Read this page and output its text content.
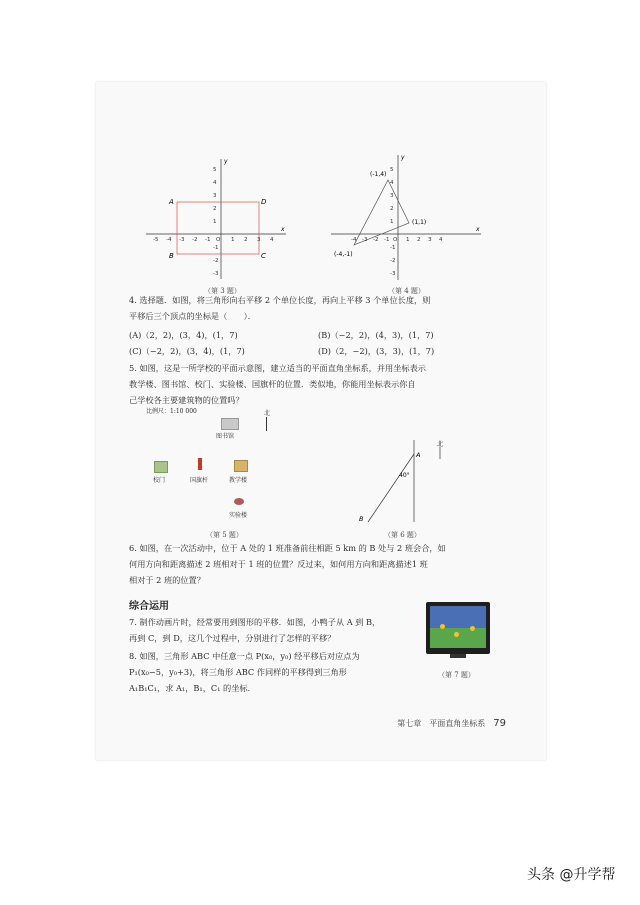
A	D
B	C
x
y
-5 -4 -3 -2 -1 O 1 2 3 4
5
4
3
2
1
-1
-2
-3
（第 3 题）
(-1,4)
(1,1)
(-4,-1)
x
y
-4 -3 -2 -1 O 1 2 3 4
5
4
3
2
1
-1
-2
-3
（第 4 题）
4. 选择题．如图，将三角形向右平移 2 个单位长度，再向上平移 3 个单位长度，则
平移后三个顶点的坐标是（　　）．
(A)（2，2)，(3，4)，(1，7)	(B)（−2，2)，(4，3)，(1，7)
(C)（−2，2)，(3，4)，(1，7)	(D)（2，−2)，(3，3)，(1，7)
5. 如图，这是一所学校的平面示意图，建立适当的平面直角坐标系，并用坐标表示
教学楼、图书馆、校门、实验楼、国旗杆的位置．类似地，你能用坐标表示你自
己学校各主要建筑物的位置吗？
比例尺：1:10 000	北
图书馆
校门	国旗杆	教学楼
实验楼
（第 5 题）
北
A
B
40°
（第 6 题）
6. 如图，在一次活动中，位于 A 处的 1 班准备前往相距 5 km 的 B 处与 2 班会合，如
何用方向和距离描述 2 班相对于 1 班的位置？反过来，如何用方向和距离描述1 班
相对于 2 班的位置？
综合运用
7. 制作动画片时，经常要用到图形的平移．如图，小鸭子从 A 到 B，
再到 C，到 D，这几个过程中，分别进行了怎样的平移？
8. 如图，三角形 ABC 中任意一点 P(x₀，y₀) 经平移后对应点为
P₁(x₀−5，y₀+3)，将三角形 ABC 作同样的平移得到三角形
A₁B₁C₁，求 A₁，B₁，C₁ 的坐标．
（第 7 题）
第七章　平面直角坐标系 79
头条 @升学帮
